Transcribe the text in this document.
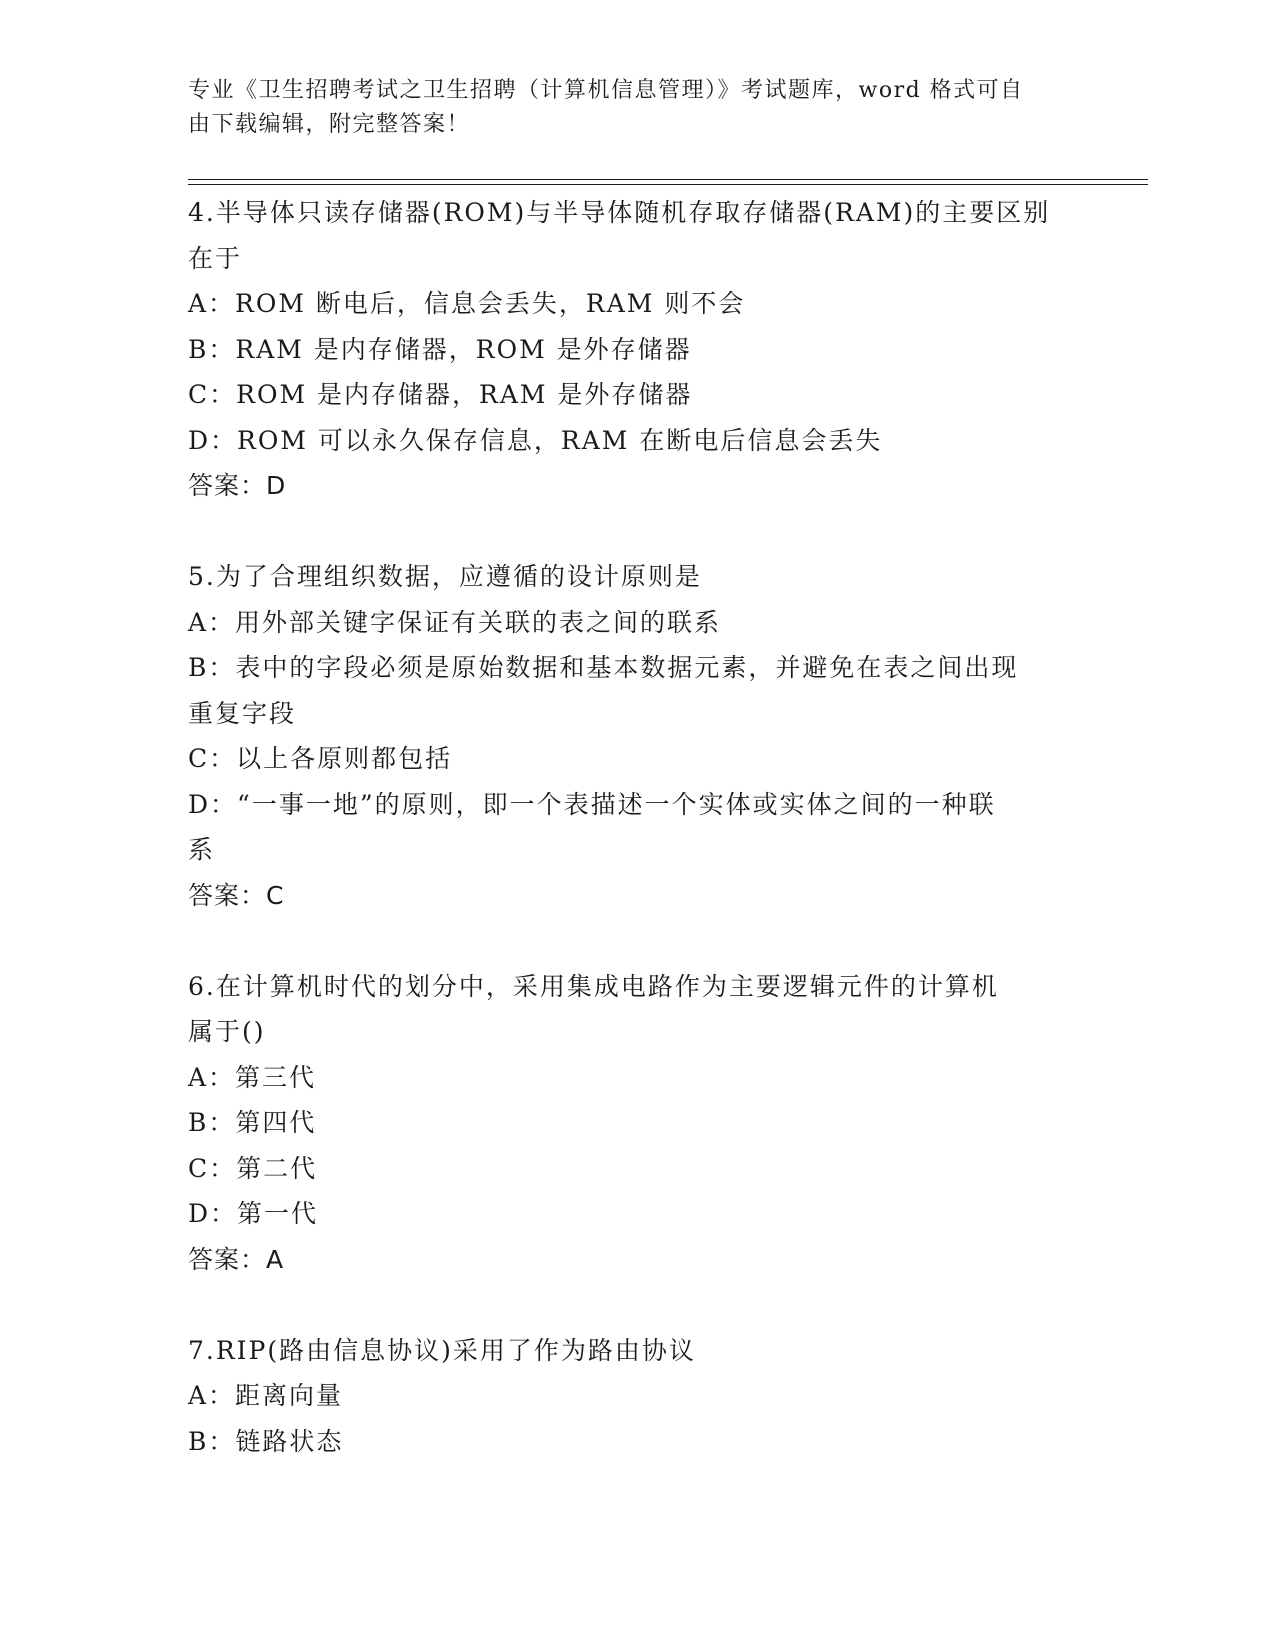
专业《卫生招聘考试之卫生招聘（计算机信息管理）》考试题库，word 格式可自
由下载编辑，附完整答案！
4.半导体只读存储器(ROM)与半导体随机存取存储器(RAM)的主要区别
在于
A：ROM 断电后，信息会丢失，RAM 则不会
B：RAM 是内存储器，ROM 是外存储器
C：ROM 是内存储器，RAM 是外存储器
D：ROM 可以永久保存信息，RAM 在断电后信息会丢失
答案：D
5.为了合理组织数据，应遵循的设计原则是
A：用外部关键字保证有关联的表之间的联系
B：表中的字段必须是原始数据和基本数据元素，并避免在表之间出现
重复字段
C：以上各原则都包括
D：“一事一地”的原则，即一个表描述一个实体或实体之间的一种联
系
答案：C
6.在计算机时代的划分中，采用集成电路作为主要逻辑元件的计算机
属于()
A：第三代
B：第四代
C：第二代
D：第一代
答案：A
7.RIP(路由信息协议)采用了作为路由协议
A：距离向量
B：链路状态
